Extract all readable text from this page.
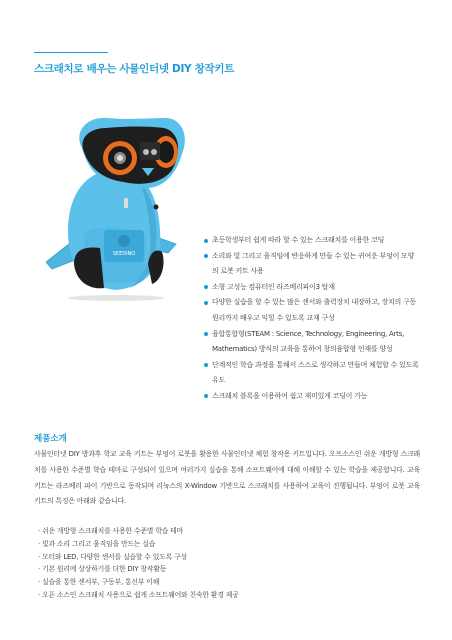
스크래치로 배우는 사물인터넷 DIY 창작키트
SEEDINO
초등학생부터 쉽게 따라 할 수 있는 스크래치를 이용한 코딩
소리와 빛 그리고 움직임에 반응하게 만들 수 있는 귀여운 부엉이 모양의 로봇 키트 사용
소형 고성능 컴퓨터인 라즈베리파이3 탑재
다양한 실습을 할 수 있는 많은 센서와 출력장치 내장하고, 장치의 구동 원리까지 배우고 익힐 수 있도록 교재 구성
융합통합형(STEAM : Science, Technology, Engineering, Arts, Mathematics) 방식의 교육을 통하여 창의융합형 인재를 양성
단계적인 학습 과정을 통해서 스스로 생각하고 만들며 체험할 수 있도록 유도
스크래치 블록을 이용하여 쉽고 재미있게 코딩이 가능
제품소개

사물인터넷 DIY 방과후 학교 교육 키트는 부엉이 로봇을 활용한 사물인터넷 체험 창작용 키트입니다. 오프소스인 쉬운 개방형 스크래치를 사용한 수준별 학습 테마로 구성되어 있으며 여러가지 실습을 통해 소프트웨어에 대해 이해할 수 있는 학습을 제공합니다. 교육 키트는 라즈베리 파이 기반으로 동작되며 리눅스의 X-Window 기반으로 스크래치를 사용하여 교육이 진행됩니다. 부엉이 로봇 교육 키트의 특징은 아래와 같습니다.

· 쉬운 개방형 스크래치를 사용한 수준별 학습 테마
· 빛과 소리 그리고 움직임을 만드는 실습
· 모터와 LED, 다양한 센서를 실습할 수 있도록 구성
· 기본 원리에 상상하기를 더한 DIY 창작활동
· 실습을 통한 센서부, 구동부, 통신부 이해
· 오픈 소스인 스크래치 사용으로 쉽게 소프트웨어와 친숙한 환경 제공
